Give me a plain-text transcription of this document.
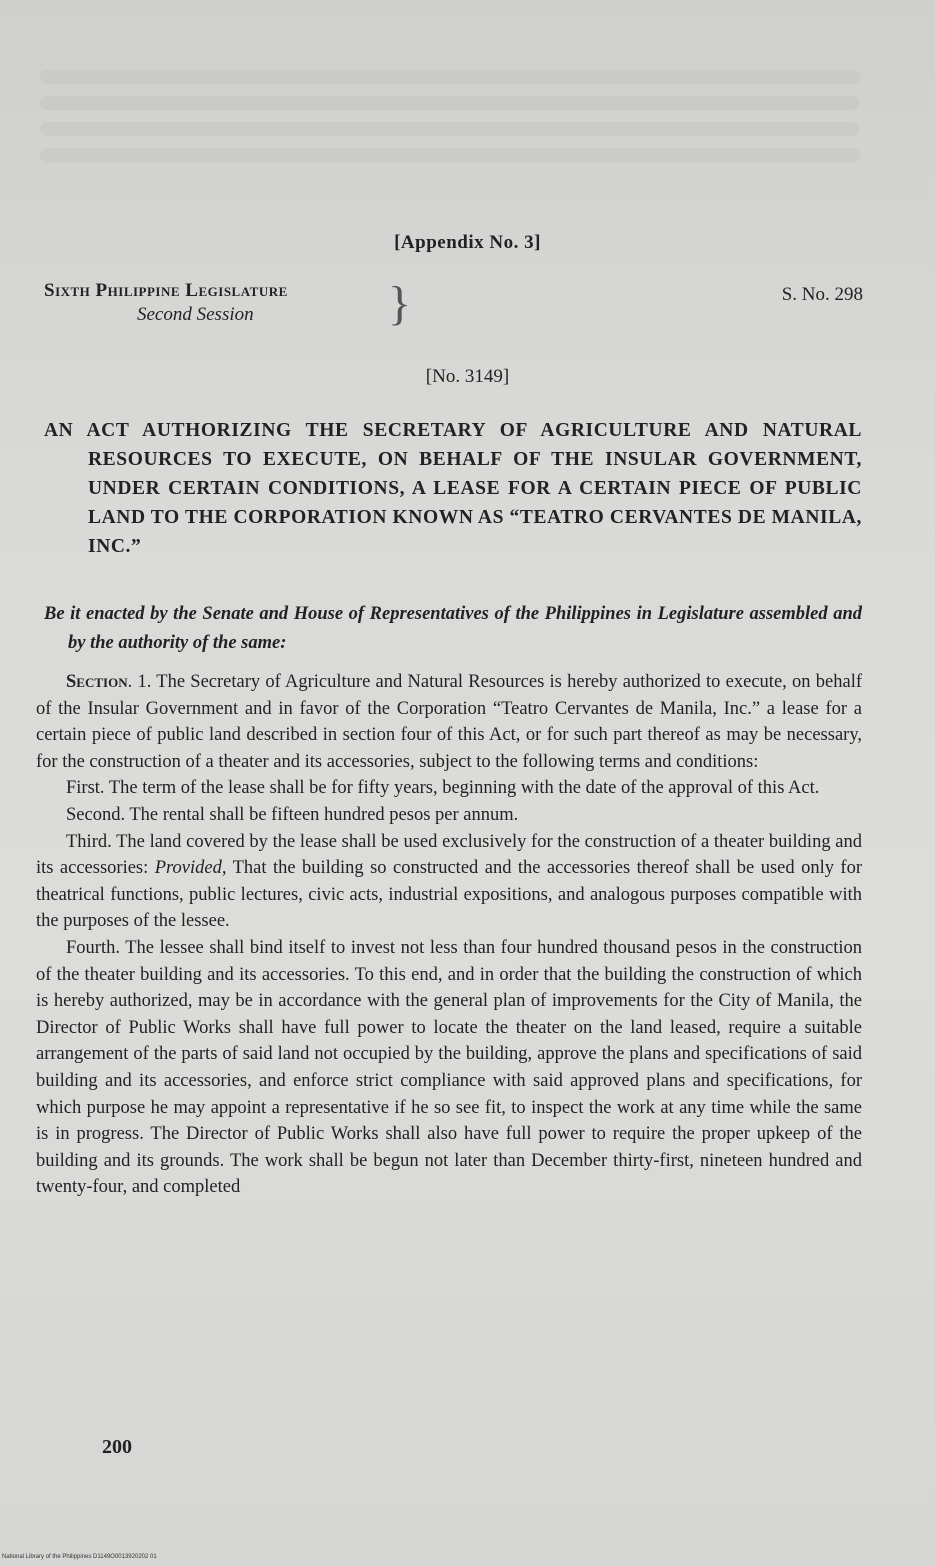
[Appendix No. 3]
Sixth Philippine Legislature
Second Session	}	S. No. 298
[No. 3149]
AN ACT AUTHORIZING THE SECRETARY OF AGRICULTURE AND NATURAL RESOURCES TO EXECUTE, ON BEHALF OF THE INSULAR GOVERNMENT, UNDER CERTAIN CONDITIONS, A LEASE FOR A CERTAIN PIECE OF PUBLIC LAND TO THE CORPORATION KNOWN AS “TEATRO CERVANTES DE MANILA, INC.”
Be it enacted by the Senate and House of Representatives of the Philippines in Legislature assembled and by the authority of the same:

Section. 1. The Secretary of Agriculture and Natural Resources is hereby authorized to execute, on behalf of the Insular Government and in favor of the Corporation “Teatro Cervantes de Manila, Inc.” a lease for a certain piece of public land described in section four of this Act, or for such part thereof as may be necessary, for the construction of a theater and its accessories, subject to the following terms and conditions:

First. The term of the lease shall be for fifty years, beginning with the date of the approval of this Act.

Second. The rental shall be fifteen hundred pesos per annum.

Third. The land covered by the lease shall be used exclusively for the construction of a theater building and its accessories: Provided, That the building so constructed and the accessories thereof shall be used only for theatrical functions, public lectures, civic acts, industrial expositions, and analogous purposes compatible with the purposes of the lessee.

Fourth. The lessee shall bind itself to invest not less than four hundred thousand pesos in the construction of the theater building and its accessories. To this end, and in order that the building the construction of which is hereby authorized, may be in accordance with the general plan of improvements for the City of Manila, the Director of Public Works shall have full power to locate the theater on the land leased, require a suitable arrangement of the parts of said land not occupied by the building, approve the plans and specifications of said building and its accessories, and enforce strict compliance with said approved plans and specifications, for which purpose he may appoint a representative if he so see fit, to inspect the work at any time while the same is in progress. The Director of Public Works shall also have full power to require the proper upkeep of the building and its grounds. The work shall be begun not later than December thirty-first, nineteen hundred and twenty-four, and completed

200
National Library of the Philippines D1149O0013920202 01
